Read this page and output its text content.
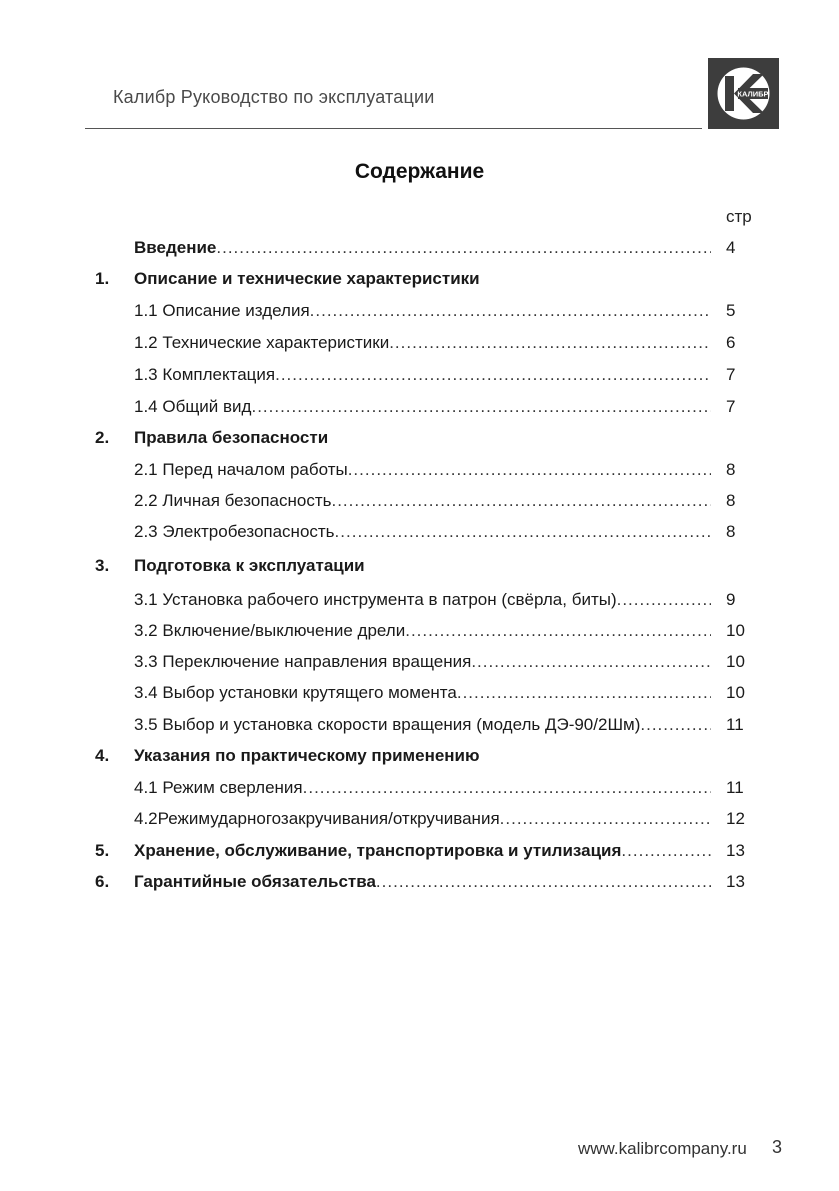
Калибр Руководство по эксплуатации	КАЛИБР
Содержание
стр
Введение .....	4
1. Описание и технические характеристики
1.1 Описание изделия .....	5
1.2 Технические характеристики .....	6
1.3 Комплектация .....	7
1.4 Общий вид .....	7
2. Правила безопасности
2.1 Перед началом работы .....	8
2.2 Личная безопасность .....	8
2.3 Электробезопасность .....	8
3. Подготовка к эксплуатации
3.1 Установка рабочего инструмента в патрон (свёрла, биты) .....	9
3.2 Включение/выключение дрели .....	10
3.3 Переключение направления вращения .....	10
3.4 Выбор установки крутящего момента .....	10
3.5 Выбор и установка скорости вращения (модель ДЭ-90/2Шм) .....	11
4. Указания по практическому применению
4.1 Режим сверления .....	11
4.2Режимударногозакручивания/откручивания .....	12
5. Хранение, обслуживание, транспортировка и утилизация .....	13
6. Гарантийные обязательства .....	13
www.kalibrcompany.ru 3
